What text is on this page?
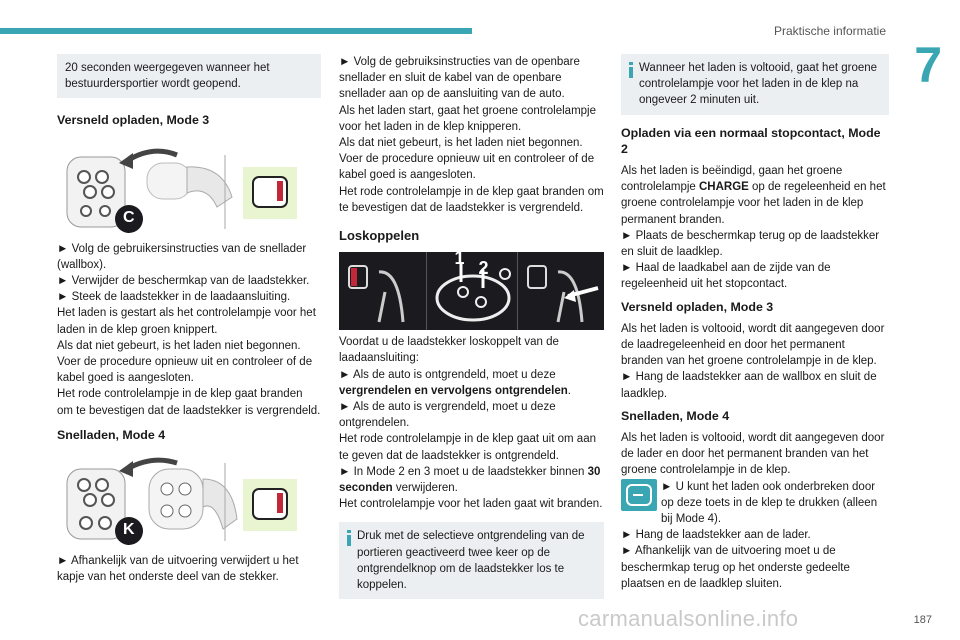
Praktische informatie
7

20 seconden weergegeven wanneer het bestuurdersportier wordt geopend.

Versneld opladen, Mode 3

C

► Volg de gebruikersinstructies van de snellader (wallbox).

► Verwijder de beschermkap van de laadstekker.

► Steek de laadstekker in de laadaansluiting.

Het laden is gestart als het controlelampje voor het laden in de klep groen knippert.

Als dat niet gebeurt, is het laden niet begonnen. Voer de procedure opnieuw uit en controleer of de kabel goed is aangesloten.

Het rode controlelampje in de klep gaat branden om te bevestigen dat de laadstekker is vergrendeld.

Snelladen, Mode 4

K

► Afhankelijk van de uitvoering verwijdert u het kapje van het onderste deel van de stekker.

► Volg de gebruiksinstructies van de openbare snellader en sluit de kabel van de openbare snellader aan op de aansluiting van de auto.

Als het laden start, gaat het groene controlelampje voor het laden in de klep knipperen.

Als dat niet gebeurt, is het laden niet begonnen. Voer de procedure opnieuw uit en controleer of de kabel goed is aangesloten.

Het rode controlelampje in de klep gaat branden om te bevestigen dat de laadstekker is vergrendeld.

Loskoppelen

1 2

Voordat u de laadstekker loskoppelt van de laadaansluiting:

► Als de auto is ontgrendeld, moet u deze vergrendelen en vervolgens ontgrendelen.

► Als de auto is vergrendeld, moet u deze ontgrendelen.

Het rode controlelampje in de klep gaat uit om aan te geven dat de laadstekker is ontgrendeld.

► In Mode 2 en 3 moet u de laadstekker binnen 30 seconden verwijderen.

Het controlelampje voor het laden gaat wit branden.

Druk met de selectieve ontgrendeling van de portieren geactiveerd twee keer op de ontgrendelknop om de laadstekker los te koppelen.

Wanneer het laden is voltooid, gaat het groene controlelampje voor het laden in de klep na ongeveer 2 minuten uit.

Opladen via een normaal stopcontact, Mode 2

Als het laden is beëindigd, gaan het groene controlelampje CHARGE op de regeleenheid en het groene controlelampje voor het laden in de klep permanent branden.

► Plaats de beschermkap terug op de laadstekker en sluit de laadklep.

► Haal de laadkabel aan de zijde van de regeleenheid uit het stopcontact.

Versneld opladen, Mode 3

Als het laden is voltooid, wordt dit aangegeven door de laadregeleenheid en door het permanent branden van het groene controlelampje in de klep.

► Hang de laadstekker aan de wallbox en sluit de laadklep.

Snelladen, Mode 4

Als het laden is voltooid, wordt dit aangegeven door de lader en door het permanent branden van het groene controlelampje in de klep.

► U kunt het laden ook onderbreken door op deze toets in de klep te drukken (alleen bij Mode 4).

► Hang de laadstekker aan de lader.

► Afhankelijk van de uitvoering moet u de beschermkap terug op het onderste gedeelte plaatsen en de laadklep sluiten.

carmanualsonline.info	187
